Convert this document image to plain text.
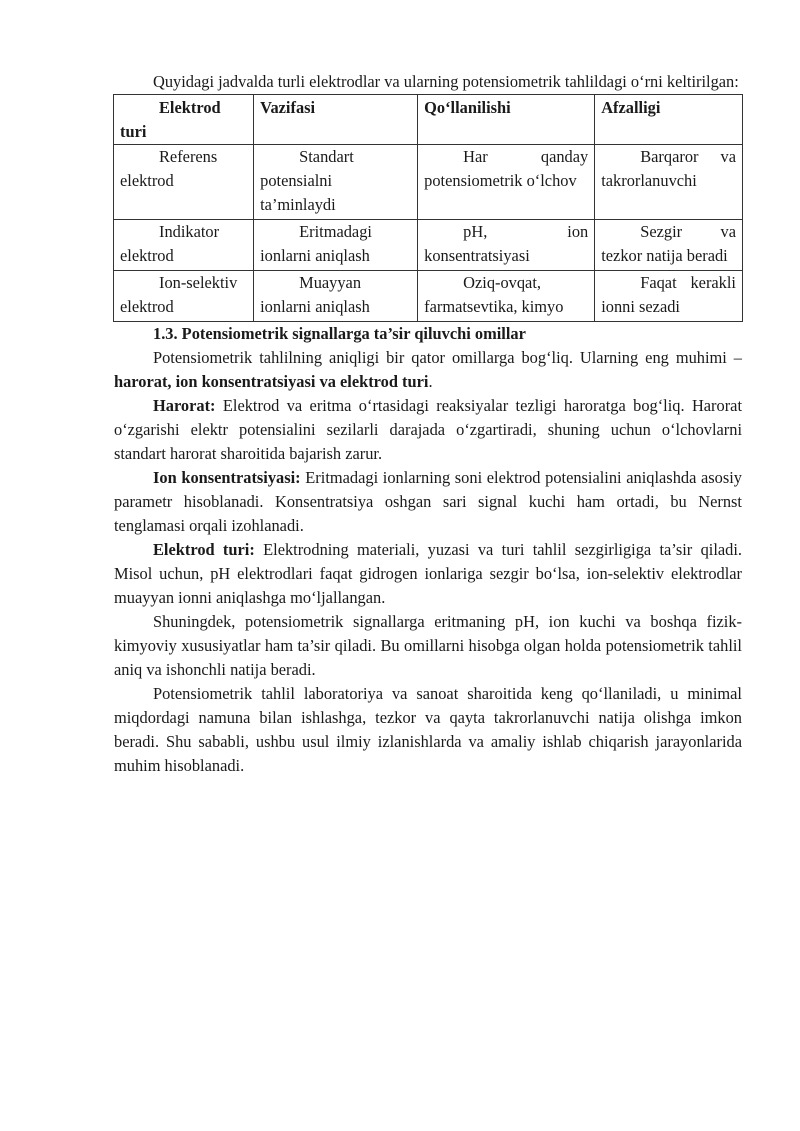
Quyidagi jadvalda turli elektrodlar va ularning potensiometrik tahlildagi o‘rni keltirilgan:

Elektrod turi	Vazifasi	Qo‘llanilishi	Afzalligi
Referens elektrod	Standart potensialni ta’minlaydi	Har qanday potensiometrik o‘lchov	Barqaror va takrorlanuvchi
Indikator elektrod	Eritmadagi ionlarni aniqlash	pH, ion konsentratsiyasi	Sezgir va tezkor natija beradi
Ion-selektiv elektrod	Muayyan ionlarni aniqlash	Oziq-ovqat, farmatsevtika, kimyo	Faqat kerakli ionni sezadi
1.3. Potensiometrik signallarga ta’sir qiluvchi omillar

Potensiometrik tahlilning aniqligi bir qator omillarga bog‘liq. Ularning eng muhimi – harorat, ion konsentratsiyasi va elektrod turi.

Harorat: Elektrod va eritma o‘rtasidagi reaksiyalar tezligi haroratga bog‘liq. Harorat o‘zgarishi elektr potensialini sezilarli darajada o‘zgartiradi, shuning uchun o‘lchovlarni standart harorat sharoitida bajarish zarur.

Ion konsentratsiyasi: Eritmadagi ionlarning soni elektrod potensialini aniqlashda asosiy parametr hisoblanadi. Konsentratsiya oshgan sari signal kuchi ham ortadi, bu Nernst tenglamasi orqali izohlanadi.

Elektrod turi: Elektrodning materiali, yuzasi va turi tahlil sezgirligiga ta’sir qiladi. Misol uchun, pH elektrodlari faqat gidrogen ionlariga sezgir bo‘lsa, ion-selektiv elektrodlar muayyan ionni aniqlashga mo‘ljallangan.

Shuningdek, potensiometrik signallarga eritmaning pH, ion kuchi va boshqa fizik-kimyoviy xususiyatlar ham ta’sir qiladi. Bu omillarni hisobga olgan holda potensiometrik tahlil aniq va ishonchli natija beradi.

Potensiometrik tahlil laboratoriya va sanoat sharoitida keng qo‘llaniladi, u minimal miqdordagi namuna bilan ishlashga, tezkor va qayta takrorlanuvchi natija olishga imkon beradi. Shu sababli, ushbu usul ilmiy izlanishlarda va amaliy ishlab chiqarish jarayonlarida muhim hisoblanadi.
